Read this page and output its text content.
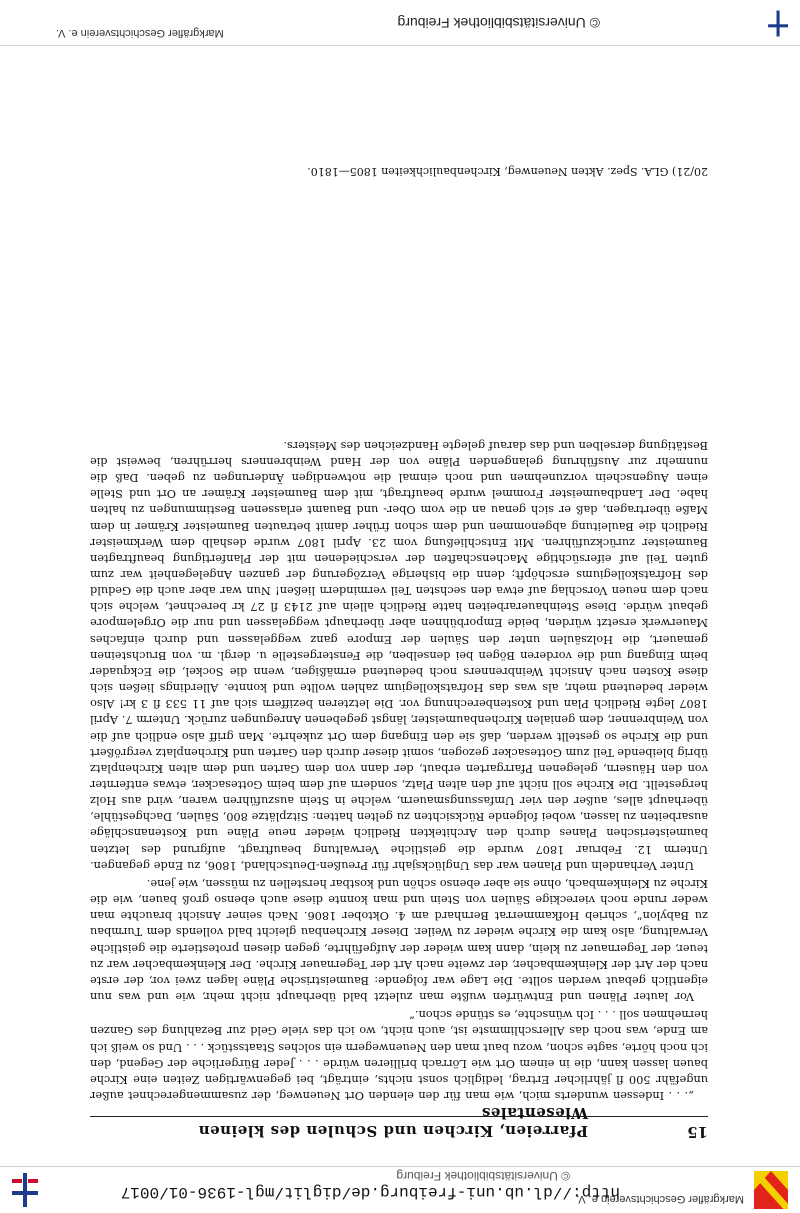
Markgräfler Geschichtsverein e. V.
http://dl.ub.uni-freiburg.de/diglit/mgl-1936-01/0017
© Universitätsbibliothek Freiburg
15
Pfarreien, Kirchen und Schulen des kleinen Wiesentales

„. . . Indessen wunderts mich, wie man für den elenden Ort Neuenweg, der zusammengerechnet außer ungefähr 500 fl jährlicher Ertrag, lediglich sonst nichts, einträgt, bei gegenwärtigen Zeiten eine Kirche bauen lassen kann, die in einem Ort wie Lörrach brillieren würde . . . Jeder Bürgerliche der Gegend, den ich noch hörte, sagte schon, wozu baut man den Neuenwegern ein solches Staatsstück . . . Und so weiß ich am Ende, was noch das Allerschlimmste ist, auch nicht, wo ich das viele Geld zur Bezahlung des Ganzen hernehmen soll . . . Ich wünschte, es stünde schon.“

Vor lauter Plänen und Entwürfen wußte man zuletzt bald überhaupt nicht mehr, wie und was nun eigentlich gebaut werden sollte. Die Lage war folgende: Baumeistrische Pläne lagen zwei vor, der erste nach der Art der Kleinkembacher, der zweite nach Art der Tegernauer Kirche. Der Kleinkembacher war zu teuer, der Tegernauer zu klein, dann kam wieder der Aufgeführte, gegen diesen protestierte die geistliche Verwaltung, also kam die Kirche wieder zu Weiler. Dieser Kirchenbau gleicht bald vollends dem Turmbau zu Babylon“, schrieb Hofkammerrat Bernhard am 4. Oktober 1806. Nach seiner Ansicht brauchte man weder runde noch viereckige Säulen von Stein und man konnte diese auch ebenso groß bauen, wie die Kirche zu Kleinkembach, ohne sie aber ebenso schön und kostbar herstellen zu müssen, wie jene.

Unter Verhandeln und Planen war das Unglücksjahr für Preußen-Deutschland, 1806, zu Ende gegangen. Unterm 12. Februar 1807 wurde die geistliche Verwaltung beauftragt, aufgrund des letzten baumeisterischen Planes durch den Architekten Riedlich wieder neue Pläne und Kostenanschläge ausarbeiten zu lassen, wobei folgende Rücksichten zu gelten hatten: Sitzplätze 800, Säulen, Dachgestühle, überhaupt alles, außer den vier Umfassungsmauern, welche in Stein auszuführen waren, wird aus Holz hergestellt. Die Kirche soll nicht auf den alten Platz, sondern auf dem beim Gottesacker, etwas entfernter von den Häusern, gelegenen Pfarrgarten erbaut, der dann von dem Garten und dem alten Kirchenplatz übrig bleibende Teil zum Gottesacker gezogen, somit dieser durch den Garten und Kirchenplatz vergrößert und die Kirche so gestellt werden, daß sie den Eingang dem Ort zukehrte. Man griff also endlich auf die von Weinbrenner, dem genialen Kirchenbaumeister, längst gegebenen Anregungen zurück. Unterm 7. April 1807 legte Riedlich Plan und Kostenberechnung vor. Die letzteren beziffern sich auf 11 533 fl 3 kr! Also wieder bedeutend mehr, als was das Hofratskollegium zahlen wollte und konnte. Allerdings ließen sich diese Kosten nach Ansicht Weinbrenners noch bedeutend ermäßigen, wenn die Sockel, die Eckquader beim Eingang und die vorderen Bögen bei denselben, die Fenstergestelle u. dergl. m. von Bruchsteinen gemauert, die Holzsäulen unter den Säulen der Empore ganz weggelassen und durch einfaches Mauerwerk ersetzt würden, beide Emporbühnen aber überhaupt weggelassen und nur die Orgelempore gebaut würde. Diese Steinhauerarbeiten hatte Riedlich allein auf 2143 fl 27 kr berechnet, welche sich nach dem neuen Vorschlag auf etwa den sechsten Teil vermindern ließen! Nun war aber auch die Geduld des Hofratskollegiums erschöpft; denn die bisherige Verzögerung der ganzen Angelegenheit war zum guten Teil auf eifersüchtige Machenschaften der verschiedenen mit der Planfertigung beauftragten Baumeister zurückzuführen. Mit Entschließung vom 23. April 1807 wurde deshalb dem Werkmeister Riedlich die Bauleitung abgenommen und dem schon früher damit betrauten Baumeister Krämer in dem Maße übertragen, daß er sich genau an die vom Ober- und Bauamt erlassenen Bestimmungen zu halten habe. Der Landbaumeister Frommel wurde beauftragt, mit dem Baumeister Krämer an Ort und Stelle einen Augenschein vorzunehmen und noch einmal die notwendigen Änderungen zu geben. Daß die nunmehr zur Ausführung gelangenden Pläne von der Hand Weinbrenners herrühren, beweist die Bestätigung derselben und das darauf gelegte Handzeichen des Meisters.

20/21) GLA. Spez. Akten Neuenweg, Kirchenbaulichkeiten 1805—1810.
© Universitätsbibliothek Freiburg
Markgräfler Geschichtsverein e. V.
